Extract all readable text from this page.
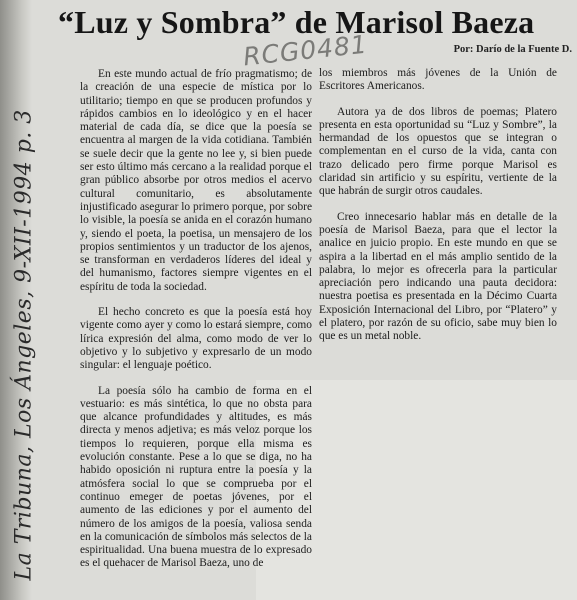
“Luz y Sombra” de Marisol Baeza
Por: Darío de la Fuente D.
RCG0481
La Tribuna, Los Ángeles, 9-XII-1994 p. 3

En este mundo actual de frío pragmatismo; de la creación de una especie de mística por lo utilitario; tiempo en que se producen profundos y rápidos cambios en lo ideológico y en el hacer material de cada día, se dice que la poesía se encuentra al margen de la vida cotidiana. También se suele decir que la gente no lee y, si bien puede ser esto último más cercano a la realidad porque el gran público absorbe por otros medios el acervo cultural comunitario, es absolutamente injustificado asegurar lo primero porque, por sobre lo visible, la poesía se anida en el corazón humano y, siendo el poeta, la poetisa, un mensajero de los propios sentimientos y un traductor de los ajenos, se transforman en verdaderos líderes del ideal y del humanismo, factores siempre vigentes en el espíritu de toda la sociedad.

El hecho concreto es que la poesía está hoy vigente como ayer y como lo estará siempre, como lírica expresión del alma, como modo de ver lo objetivo y lo subjetivo y expresarlo de un modo singular: el lenguaje poético.

La poesía sólo ha cambio de forma en el vestuario: es más sintética, lo que no obsta para que alcance profundidades y altitudes, es más directa y menos adjetiva; es más veloz porque los tiempos lo requieren, porque ella misma es evolución constante. Pese a lo que se diga, no ha habido oposición ni ruptura entre la poesía y la atmósfera social lo que se comprueba por el continuo emeger de poetas jóvenes, por el aumento de las ediciones y por el aumento del número de los amigos de la poesía, valiosa senda en la comunicación de símbolos más selectos de la espiritualidad. Una buena muestra de lo expresado es el quehacer de Marisol Baeza, uno de

los miembros más jóvenes de la Unión de Escritores Americanos.

Autora ya de dos libros de poemas; Platero presenta en esta oportunidad su “Luz y Sombre”, la hermandad de los opuestos que se integran o complementan en el curso de la vida, canta con trazo delicado pero firme porque Marisol es claridad sin artificio y su espíritu, vertiente de la que habrán de surgir otros caudales.

Creo innecesario hablar más en detalle de la poesía de Marisol Baeza, para que el lector la analice en juicio propio. En este mundo en que se aspira a la libertad en el más amplio sentido de la palabra, lo mejor es ofrecerla para la particular apreciación pero indicando una pauta decidora: nuestra poetisa es presentada en la Décimo Cuarta Exposición Internacional del Libro, por “Platero” y el platero, por razón de su oficio, sabe muy bien lo que es un metal noble.
